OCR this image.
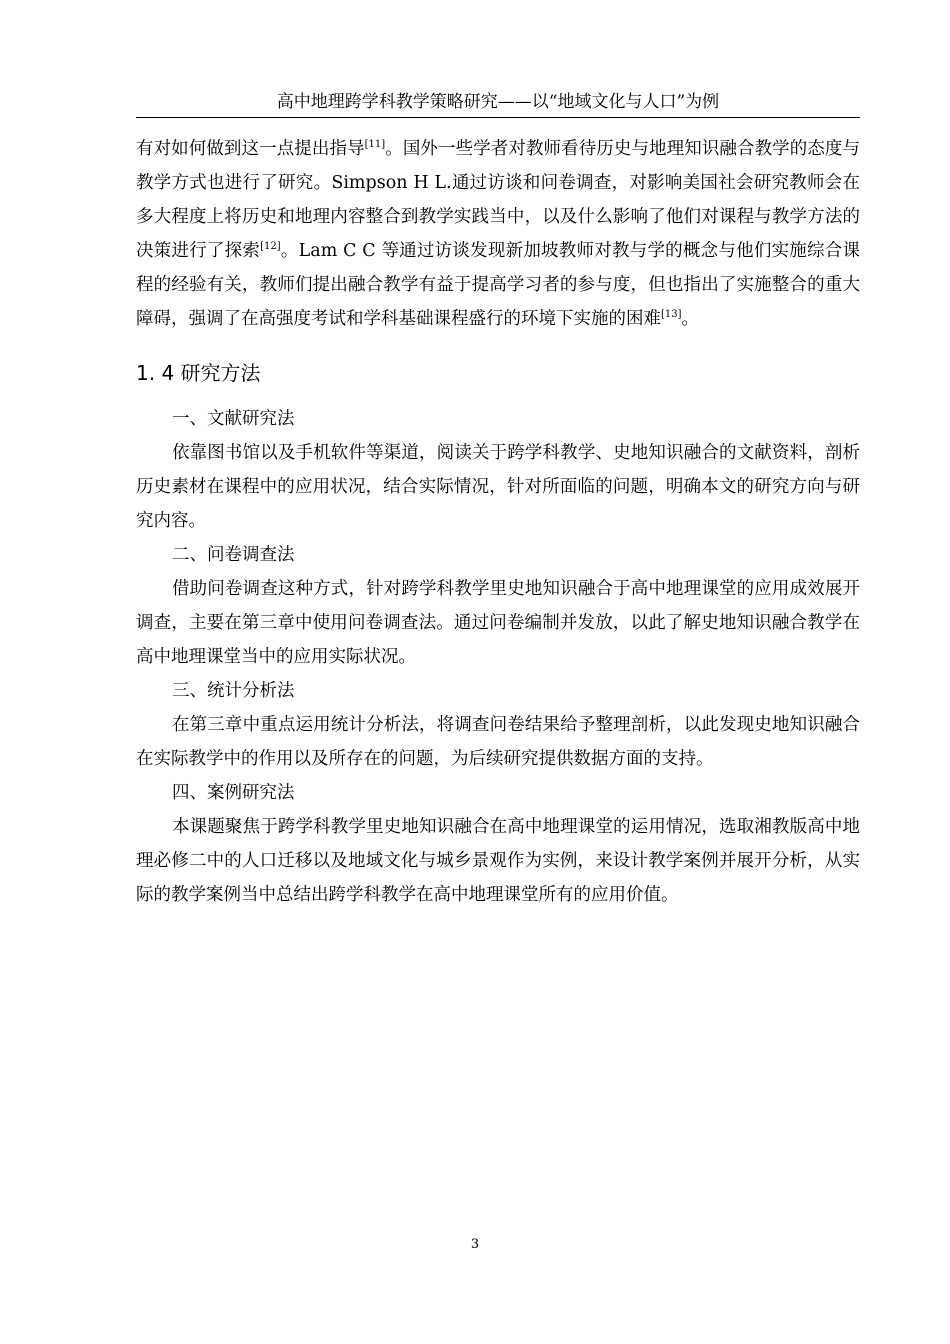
高中地理跨学科教学策略研究——以“地域文化与人口”为例

有对如何做到这一点提出指导[11]。国外一些学者对教师看待历史与地理知识融合教学的态度与教学方式也进行了研究。Simpson H L.通过访谈和问卷调查，对影响美国社会研究教师会在多大程度上将历史和地理内容整合到教学实践当中，以及什么影响了他们对课程与教学方法的决策进行了探索[12]。Lam C C 等通过访谈发现新加坡教师对教与学的概念与他们实施综合课程的经验有关，教师们提出融合教学有益于提高学习者的参与度，但也指出了实施整合的重大障碍，强调了在高强度考试和学科基础课程盛行的环境下实施的困难[13]。

1. 4 研究方法

一、文献研究法

依靠图书馆以及手机软件等渠道，阅读关于跨学科教学、史地知识融合的文献资料，剖析历史素材在课程中的应用状况，结合实际情况，针对所面临的问题，明确本文的研究方向与研究内容。

二、问卷调查法

借助问卷调查这种方式，针对跨学科教学里史地知识融合于高中地理课堂的应用成效展开调查，主要在第三章中使用问卷调查法。通过问卷编制并发放，以此了解史地知识融合教学在高中地理课堂当中的应用实际状况。

三、统计分析法

在第三章中重点运用统计分析法，将调查问卷结果给予整理剖析，以此发现史地知识融合在实际教学中的作用以及所存在的问题，为后续研究提供数据方面的支持。

四、案例研究法

本课题聚焦于跨学科教学里史地知识融合在高中地理课堂的运用情况，选取湘教版高中地理必修二中的人口迁移以及地域文化与城乡景观作为实例，来设计教学案例并展开分析，从实际的教学案例当中总结出跨学科教学在高中地理课堂所有的应用价值。

3
